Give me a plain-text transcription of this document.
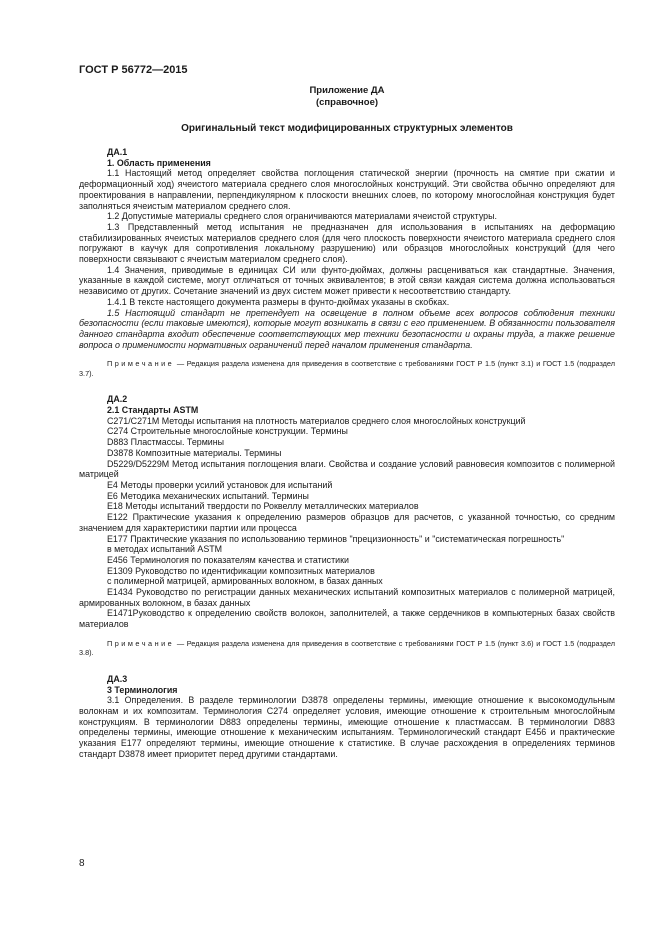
ГОСТ Р 56772—2015
Приложение ДА
(справочное)
Оригинальный текст модифицированных структурных элементов
ДА.1
1. Область применения

1.1 Настоящий метод определяет свойства поглощения статической энергии (прочность на смятие при сжатии и деформационный ход) ячеистого материала среднего слоя многослойных конструкций. Эти свойства обычно определяют для проектирования в направлении, перпендикулярном к плоскости внешних слоев, по которому многослойная конструкция будет заполняться ячеистым материалом среднего слоя.

1.2 Допустимые материалы среднего слоя ограничиваются материалами ячеистой структуры.

1.3 Представленный метод испытания не предназначен для использования в испытаниях на деформацию стабилизированных ячеистых материалов среднего слоя (для чего плоскость поверхности ячеистого материала среднего слоя погружают в каучук для сопротивления локальному разрушению) или образцов многослойных конструкций (для чего поверхности связывают с ячеистым материалом среднего слоя).

1.4 Значения, приводимые в единицах СИ или фунто-дюймах, должны расцениваться как стандартные. Значения, указанные в каждой системе, могут отличаться от точных эквивалентов; в этой связи каждая система должна использоваться независимо от других. Сочетание значений из двух систем может привести к несоответствию стандарту.

1.4.1 В тексте настоящего документа размеры в фунто-дюймах указаны в скобках.

1.5 Настоящий стандарт не претендует на освещение в полном объеме всех вопросов соблюдения техники безопасности (если таковые имеются), которые могут возникать в связи с его применением. В обязанности пользователя данного стандарта входит обеспечение соответствующих мер техники безопасности и охраны труда, а также решение вопроса о применимости нормативных ограничений перед началом применения стандарта.

Примечание — Редакция раздела изменена для приведения в соответствие с требованиями ГОСТ Р 1.5 (пункт 3.1) и ГОСТ 1.5 (подраздел 3.7).

ДА.2
2.1 Стандарты ASTM

C271/C271M Методы испытания на плотность материалов среднего слоя многослойных конструкций

C274 Строительные многослойные конструкции. Термины

D883 Пластмассы. Термины

D3878 Композитные материалы. Термины

D5229/D5229M Метод испытания поглощения влаги. Свойства и создание условий равновесия композитов с полимерной матрицей

E4 Методы проверки усилий установок для испытаний

E6 Методика механических испытаний. Термины

E18 Методы испытаний твердости по Роквеллу металлических материалов

E122 Практические указания к определению размеров образцов для расчетов, с указанной точностью, со средним значением для характеристики партии или процесса

E177 Практические указания по использованию терминов "прецизионность" и "систематическая погрешность"

в методах испытаний ASTM

E456 Терминология по показателям качества и статистики

E1309 Руководство по идентификации композитных материалов

с полимерной матрицей, армированных волокном, в базах данных

E1434 Руководство по регистрации данных механических испытаний композитных материалов с полимерной матрицей, армированных волокном, в базах данных

E1471Руководство к определению свойств волокон, заполнителей, а также сердечников в компьютерных базах свойств материалов

Примечание — Редакция раздела изменена для приведения в соответствие с требованиями ГОСТ Р 1.5 (пункт 3.6) и ГОСТ 1.5 (подраздел 3.8).

ДА.3
3 Терминология

3.1 Определения. В разделе терминологии D3878 определены термины, имеющие отношение к высокомодульным волокнам и их композитам. Терминология C274 определяет условия, имеющие отношение к строительным многослойным конструкциям. В терминологии D883 определены термины, имеющие отношение к пластмассам. В терминологии D883 определены термины, имеющие отношение к механическим испытаниям. Терминологический стандарт E456 и практические указания E177 определяют термины, имеющие отношение к статистике. В случае расхождения в определениях терминов стандарт D3878 имеет приоритет перед другими стандартами.

8
